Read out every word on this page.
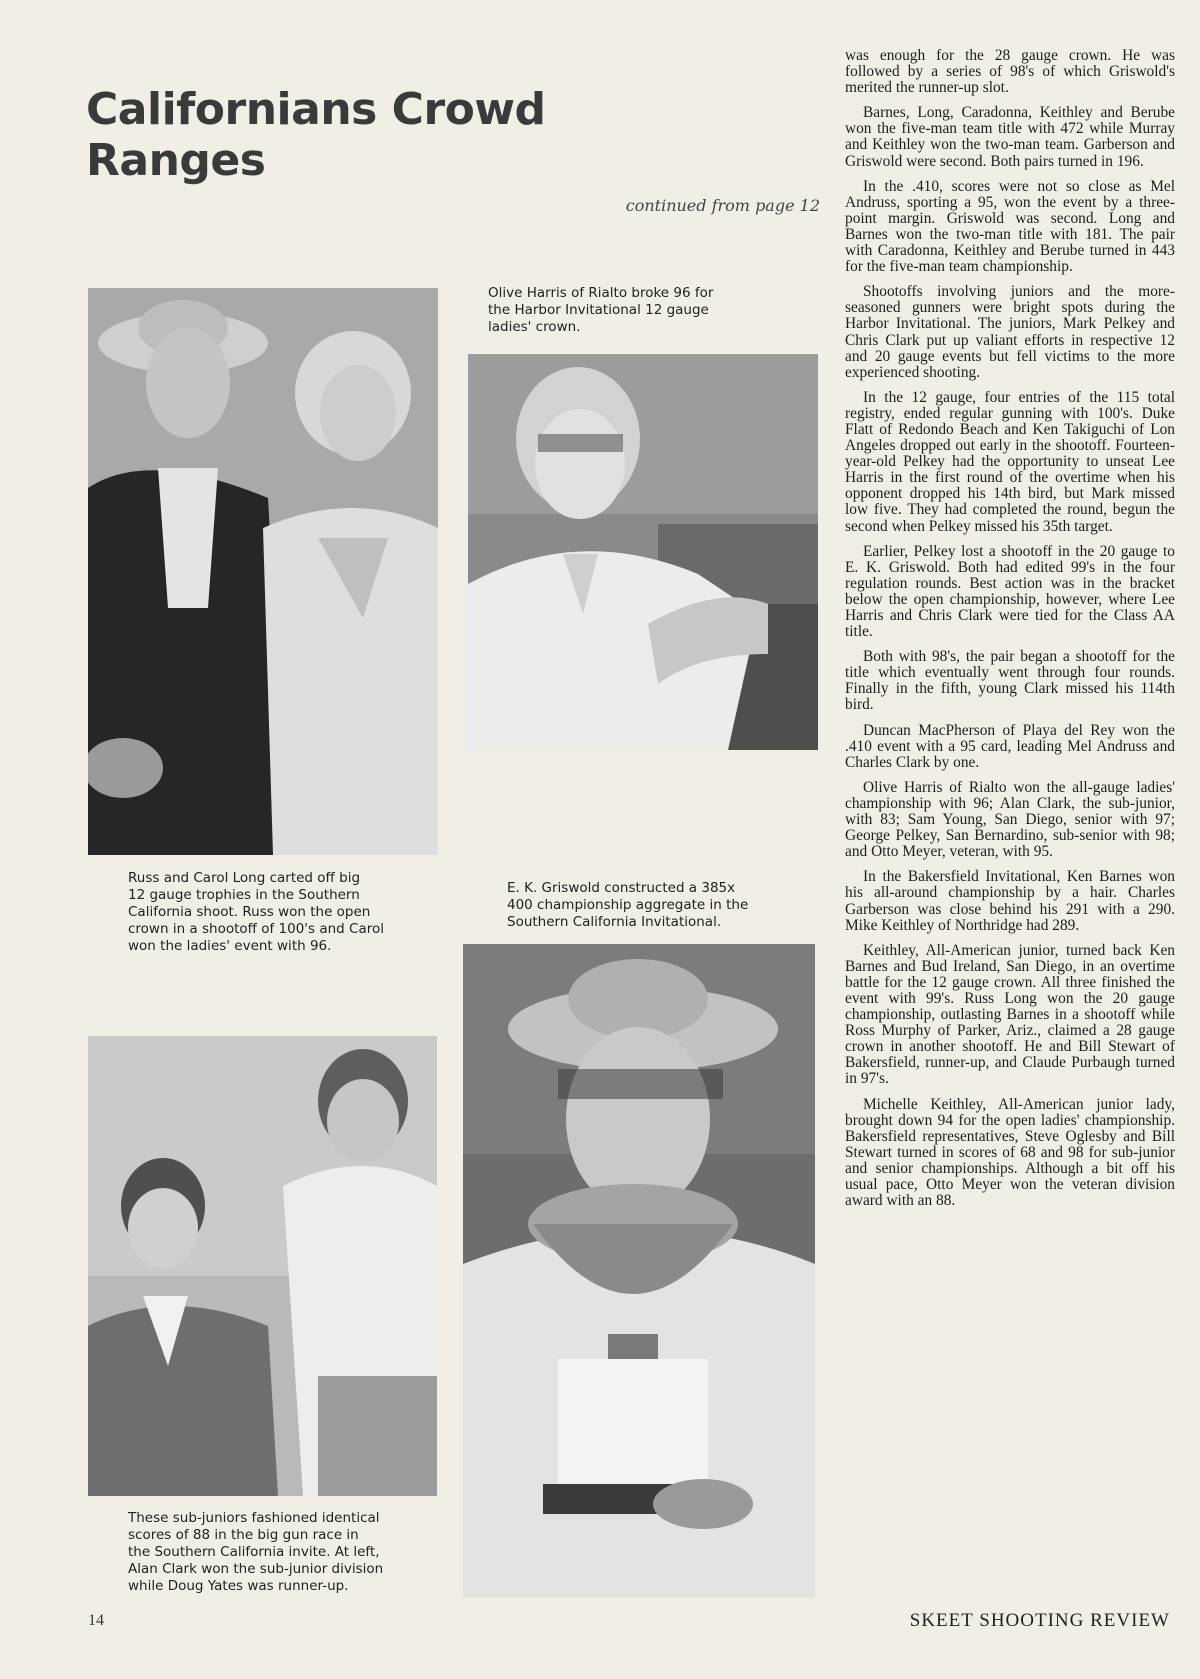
Californians Crowd Ranges
continued from page 12

Russ and Carol Long carted off big
12 gauge trophies in the Southern
California shoot. Russ won the open
crown in a shootoff of 100's and Carol
won the ladies' event with 96.

Olive Harris of Rialto broke 96 for
the Harbor Invitational 12 gauge
ladies' crown.

These sub-juniors fashioned identical
scores of 88 in the big gun race in
the Southern California invite. At left,
Alan Clark won the sub-junior division
while Doug Yates was runner-up.

E. K. Griswold constructed a 385x
400 championship aggregate in the
Southern California Invitational.

was enough for the 28 gauge crown. He was followed by a series of 98's of which Griswold's merited the runner-up slot.

Barnes, Long, Caradonna, Keithley and Berube won the five-man team title with 472 while Murray and Keithley won the two-man team. Garberson and Griswold were second. Both pairs turned in 196.

In the .410, scores were not so close as Mel Andruss, sporting a 95, won the event by a three-point margin. Griswold was second. Long and Barnes won the two-man title with 181. The pair with Caradonna, Keithley and Berube turned in 443 for the five-man team championship.

Shootoffs involving juniors and the more-seasoned gunners were bright spots during the Harbor Invitational. The juniors, Mark Pelkey and Chris Clark put up valiant efforts in respective 12 and 20 gauge events but fell victims to the more experienced shooting.

In the 12 gauge, four entries of the 115 total registry, ended regular gunning with 100's. Duke Flatt of Redondo Beach and Ken Takiguchi of Lon Angeles dropped out early in the shootoff. Fourteen-year-old Pelkey had the opportunity to unseat Lee Harris in the first round of the overtime when his opponent dropped his 14th bird, but Mark missed low five. They had completed the round, begun the second when Pelkey missed his 35th target.

Earlier, Pelkey lost a shootoff in the 20 gauge to E. K. Griswold. Both had edited 99's in the four regulation rounds. Best action was in the bracket below the open championship, however, where Lee Harris and Chris Clark were tied for the Class AA title.

Both with 98's, the pair began a shootoff for the title which eventually went through four rounds. Finally in the fifth, young Clark missed his 114th bird.

Duncan MacPherson of Playa del Rey won the .410 event with a 95 card, leading Mel Andruss and Charles Clark by one.

Olive Harris of Rialto won the all-gauge ladies' championship with 96; Alan Clark, the sub-junior, with 83; Sam Young, San Diego, senior with 97; George Pelkey, San Bernardino, sub-senior with 98; and Otto Meyer, veteran, with 95.

In the Bakersfield Invitational, Ken Barnes won his all-around championship by a hair. Charles Garberson was close behind his 291 with a 290. Mike Keithley of Northridge had 289.

Keithley, All-American junior, turned back Ken Barnes and Bud Ireland, San Diego, in an overtime battle for the 12 gauge crown. All three finished the event with 99's. Russ Long won the 20 gauge championship, outlasting Barnes in a shootoff while Ross Murphy of Parker, Ariz., claimed a 28 gauge crown in another shootoff. He and Bill Stewart of Bakersfield, runner-up, and Claude Purbaugh turned in 97's.

Michelle Keithley, All-American junior lady, brought down 94 for the open ladies' championship. Bakersfield representatives, Steve Oglesby and Bill Stewart turned in scores of 68 and 98 for sub-junior and senior championships. Although a bit off his usual pace, Otto Meyer won the veteran division award with an 88.

14	SKEET SHOOTING REVIEW
